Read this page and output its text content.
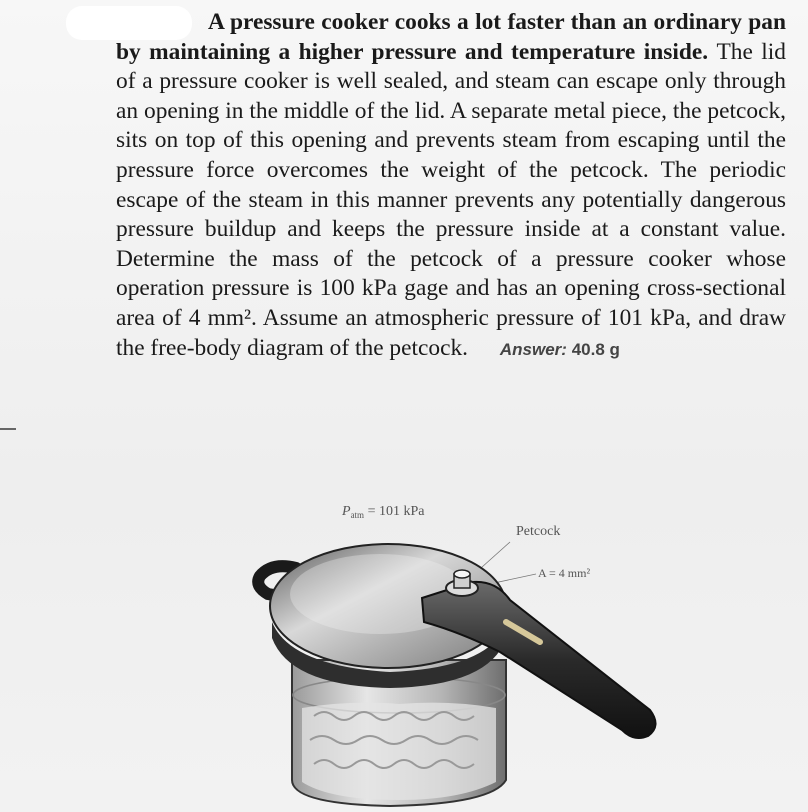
A pressure cooker cooks a lot faster than an ordinary pan by maintaining a higher pressure and temperature inside. The lid of a pressure cooker is well sealed, and steam can escape only through an opening in the middle of the lid. A separate metal piece, the petcock, sits on top of this opening and prevents steam from escaping until the pressure force overcomes the weight of the petcock. The periodic escape of the steam in this manner prevents any potentially dangerous pressure buildup and keeps the pressure inside at a constant value. Determine the mass of the petcock of a pressure cooker whose operation pressure is 100 kPa gage and has an opening cross-sectional area of 4 mm². Assume an atmospheric pressure of 101 kPa, and draw the free-body diagram of the petcock. Answer: 40.8 g
$P_{atm} = 101$ kPa
Petcock
A = 4 mm²
